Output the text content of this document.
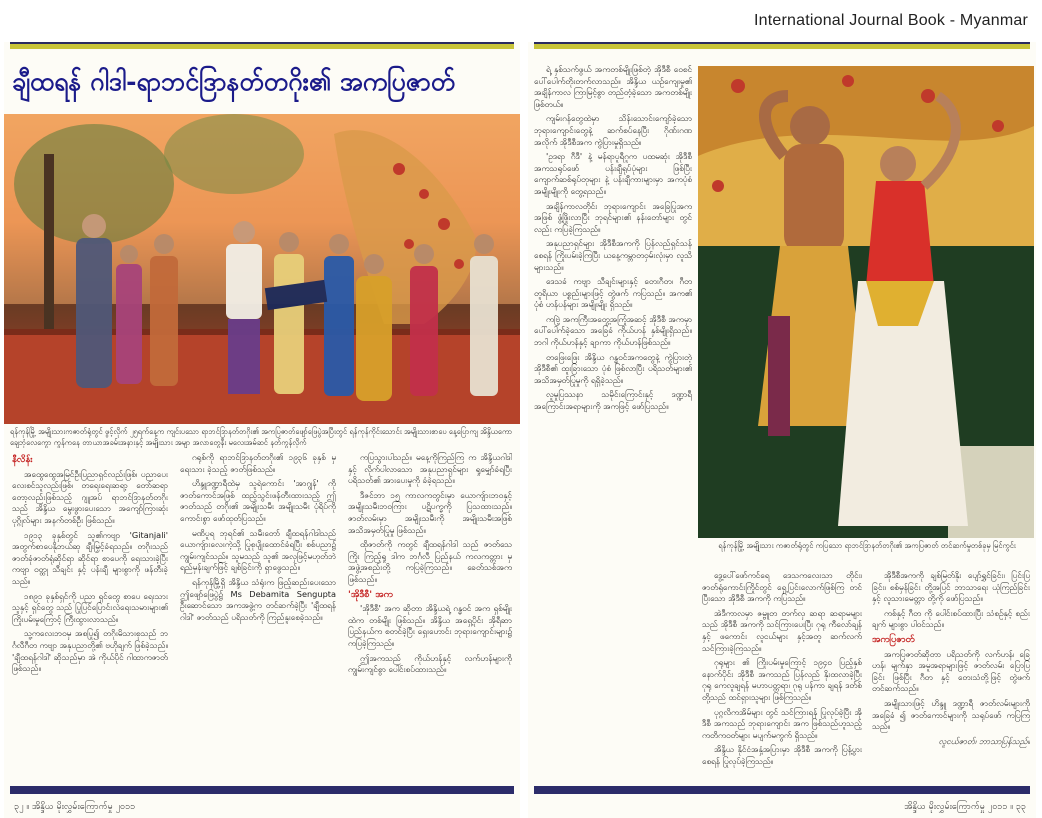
International Journal Book - Myanmar
ချီထရန် ဂါဒါ-ရာဘင်ဒြာနတ်တဂိုး၏ အကပြဇာတ်
ရန်ကုန်မြို့ အမျိုးသားကဇာတ်ရုံတွင် ဖွင့်လိုက် ၂၅ရက်နေ့က ကျင်းပသော ရာဘင်ဒြာနတ်တဂိုး၏ အကပြဇာတ်ဖျော်ဖြေပွဲအပြီးတွင် ရန်ကုန်ကိုင်းသောင်း အမျိုးသားစာပေ နေ့ပြောကျ အိန္ဒိယကောချေဘုံလေကွော ကွန်ကနေ တာယာအခမ်းအနားနှင့် အမျိုးသား အမျာ အလာတွေနီး မလေးအမ်ဆင် နတ်ကွန်လိုက်
နီလိန်း

အထွေထွေအမြင်ဦးပြညာရှင်လည်းဖြစ်၊ ပညာပေးလေးစင်သူလည်းဖြစ်၊ တရေးရေးဆရာ့ တော်ဆရာတော့လည်းဖြစ်သည့် ဂျူအပ် ရာဘင်ဒြာနတ်တဂိုးသည် အိန္ဒိယ မွေးဖွားပေးသော အကျော်ကြားဆုံး ပုဂ္ဂိုလ်များ အနက်တစ်ဦး ဖြစ်သည်။

၁၉၁၃ ခုနှစ်တွင် သူ၏ကဗျာ 'Gitanjali' အတွက်စာပေနိုဘယ်ဆု ချီးမြှင့်ခံရသည်။ တဂိုးသည်ဇာတ်ခုံဇာတ်ရုံဆိုင်ရာ ဆိုင်ရာ စာပေကို ရေးသားခဲ့ပြီး ကဗျာ ဝတ္ထု သီချင်း နှင့် ပန်းချီ များစွာကို ဖန်တီးခဲ့သည်။

၁၈၉၁ ခုနှစ်ရှင်ကို ပညာ ရှင်တွေ စာပေ ရေးသားသူနှင့် ရှင်တွေ သည် ပြုပြင်ပြောင်းလဲရေးသမားများ၏ ကြိုးပမ်းမှုကြောင့် ကြီးထွားလာသည်။

သူ့ကလေးဘဝမှ အစပြု၍ တဂိုးမိသားစုသည် ဘင်္ဂလီဂီတ ကဗျာ အနုပညာတို့၏ ဗဟိုချက် ဖြစ်ခဲ့သည်။ 'ချီထရန်ဂါဒါ' ဆိုသည်မှာ အဲ ကိုယ်ပိုင် ဂါထာကဇာတ် ဖြစ်သည်။

ဂရုစ်ကို ရာဘင်ဒြာနတ်တဂိုး၏ ၁၉၃၆ ခုနှစ် မှ ရေးသား ခဲ့သည့် ဇာတ်ဖြစ်သည်။

ဟိန္ဒူဒဏ္ဍာရီထဲမှ သူရဲကောင်း 'အာဂျွန်' ကို ဇာတ်ကောင်အဖြစ် ထည့်သွင်းဖန်တီးထားသည့် ဤဇာတ်သည် တဂိုး၏ အမျိုးသမီး အမျိုးသမီး ပုံရိပ်ကို ကောင်းစွာ ဖော်ထုတ်ပြသည်။

မဏိပူရ ဘုရင်၏ သမီးတော် ချီထရန်ဂါဒါသည် ယောကျ်ားလေးကဲ့သို့ ပြုစုပျိုးထောင်ခံရပြီး စစ်ပညာ၌ ကျွမ်းကျင်သည်။ သူမသည် သူ၏ အလှဖြင့်မဟုတ်ဘဲ ရည်မှန်းချက်ဖြင့် ချစ်ခြင်းကို ရှာဖွေသည်။

ရန်ကုန်မြို့ရှိ အိန္ဒိယ သံရုံးက ဖြည့်ဆည်းပေးသော ဤဖျော်ဖြေပွဲ၌ Ms Debamita Sengupta ဦးဆောင်သော အကအဖွဲ့က တင်ဆက်ခဲ့ပြီး 'ချီထရန်ဂါဒါ' ဇာတ်သည် ပရိသတ်ကို ကြည်နူးစေခဲ့သည်။

ကပြသွားပါသည်။ မနေ့ကိုကြည်ကြ က အိန္ဒိယဂါဒါ နှင့် လိုက်ပါလာသော အနုပညာရှင်များ ရှုမျှော်ခံရပြီး ပရိသတ်၏ အားပေးမှုကို ခံခဲ့ရသည်။

ဒီဇင်ဘာ ၁၅ ကာလကတွင်းမှာ ယောကျ်ားဘဝနှင့် အမျိုးသမီးဘဝကြား ပဋိပက္ခကို ပြသထားသည်။ ဇာတ်လမ်းမှာ အမျိုးသမီးကို အမျိုးသမီးအဖြစ် အသိအမှတ်ပြုမှု ဖြစ်သည်။

ထိုဇာတ်ကို ကတွင် ချီထရန်ဂါဒါ သည် ဇာတ်သေကြိုး ကြည့်ရှု ဒါက ဘင်္ဂလီ ပြည်နယ် ကလကတ္တား မှ အဖွဲ့အစည်းတို့ ကပြခဲ့ကြသည်။ ခေတ်သစ်အက ဖြစ်သည်။

'အိုဒီစီ' အက

'အိုဒီစီ' အက ဆိုတာ အိန္ဒိယရဲ့ ဂန္ဓဝင် အက ရှစ်မျိုးထဲက တစ်မျိုး ဖြစ်သည်။ အိန္ဒိယ အရှေ့ပိုင်း အိုရီဆာ ပြည်နယ်က စတင်ခဲ့ပြီး ရှေးဟောင်း ဘုရားကျောင်းများ၌ ကပြခဲ့ကြသည်။

ဤအကသည် ကိုယ်ဟန်နှင့် လက်ဟန်များကို ကျွမ်းကျင်စွာ ပေါင်းစပ်ထားသည်။

၃၂ ။ အိန္ဒိယ မိုးလွှမ်းကြောက်မှု ၂၀၁၁

ရဲ့ နှစ်သက်ဖွယ် အကတစ်မျိုးဖြစ်တဲ့ အိုဒီစီ ဝေစင် ပေါ်ပေါက်တိုးတက်လာသည်။ အိန္ဒိယ ယဉ်ကျေးမှု၏ အချိန်ကာလ ကြာမြင့်စွာ တည်တံ့ခဲ့သော အကတစ်မျိုး ဖြစ်တယ်။

ကျမ်းဂန်တွေထဲမှာ သိန်းသောင်းကျော်ခဲ့သော ဘုရားကျောင်းတွေနဲ့ ဆက်စပ်နေပြီး ဂိုဏ်းဂဏ အလိုက် အိုဒီစီအက ကွဲပြားမှုရှိသည်။

'ဥဒရာ ဂီဒီ' နဲ့ မန်ရာပူရီဂူက ပထမဆုံး အိုဒီစီ အကသရုပ်ဖော် ပန်းချီရုပ်ပုံများ ဖြစ်ပြီး ကျောက်ဆစ်ရုပ်တုများ နဲ့ ပန်းချီကားများမှာ အကပုံစံ အမျိုးမျိုးကို တွေ့ရသည်။

အချိန်ကာလတိုင်း ဘုရားကျောင်း အခြေပြုအကအဖြစ် ဖွံ့ဖြိုးလာပြီး ဘုရင်များ၏ နန်းတော်များ တွင်လည်း ကပြခဲ့ကြသည်။

အနုပညာရှင်များ အိုဒီစီအကကို ပြန်လည်ရှင်သန်စေရန် ကြိုးပမ်းခဲ့ကြပြီး ယနေ့ကမ္ဘာတဝှမ်းလုံးမှာ လူသိများသည်။

ဒေသခံ ကဗျာ သီချင်းများနှင့် တေးဂီတ၊ ဂီတ တူရိယာ ပစ္စည်းများဖြင့် တွဲဖက် ကပြသည်။ အက၏ ပုံစံ ဟန်ပန်များ အမျိုးမျိုး ရှိသည်။

ကဗြဲ့ အကကြီးအတွေ့အကြုံအဆင့် အိုဒီစီ အကမှာ ပေါ်ပေါက်ခဲ့သော အခြေခံ ကိုယ်ဟန် နှစ်မျိုးရှိသည်။ ဘဂါ ကိုယ်ဟန်နှင့် ချာကာ ကိုယ်ဟန်ဖြစ်သည်။

တဖြေးဖြေး အိန္ဒိယ ဂန္ဓဝင်အကတွေနဲ့ ကွဲပြားတဲ့ အိုဒီစီ၏ ထူးခြားသော ပုံစံ ဖြစ်လာပြီး ပရိသတ်များ၏ အသိအမှတ်ပြုမှုကို ရရှိခဲ့သည်။

လူမှုပြဿနာ သမိုင်းကြောင်းနှင့် ဒဏ္ဍာရီ အကြောင်းအရာများကို အကဖြင့် ဖော်ပြသည်။

ရန်ကုန်မြို့ အမျိုးသား ကဇာတ်ရုံတွင် ကပြသော ရာဘင်ဒြာနတ်တဂိုး၏ အကပြဇာတ် တင်ဆက်မှုတစ်ခုမှ မြင်ကွင်း

ဒွေ့ပေါ်ဖော်ကင်ရေ ဒေသကလေးသာ တိုင်း၊ ဇာတ်ရုံကောင်းကြိုင်တွင် ရှေ့ပြင်းလောက်ဖြစ်ကြ တင်ပြီးသော အိုဒီစီ အကကို ကပြသည်။

အဲဒီကာလမှာ ဇမ္ဗူတ တက်လှ ဆရာ ဆရာမများ သည် အိုဒီစီ အကကို သင်ကြားပေးပြီး ဂုရု ကီလော်ချန်နှင့် ဖကောင်း လူငယ်များ နှင့်အတူ ဆက်လက် သင်ကြားခဲ့ကြသည်။

ဂုရုများ ၏ ကြိုးပမ်းမှုကြောင့် ၁၉၄၀ ပြည့်နှစ်နောက်ပိုင်း အိုဒီစီ အကသည် ပြန်လည် နိုးထလာခဲ့ပြီး ဂုရု ကေလူချရန် မဟာပတ္တရာ၊ ဂုရု ပန်ကာ ချရန် ဒတ်စ် တို့သည် ထင်ရှားသူများ ဖြစ်ကြသည်။

ပုဂ္ဂလိကအိမ်များ တွင် သင်ကြားရန် ပြုလုပ်ခဲ့ပြီး အိုဒီစီ အကသည် ဘုရားကျောင်း အက ဖြစ်သည်ဟူသည့် ကတိကဝတ်များ မပျက်မကွက် ရှိသည်။

အိန္ဒိယ နိုင်ငံအနှံ့အပြားမှာ အိုဒီစီ အကကို ပြန့်ပွားစေရန် ပြုလုပ်ခဲ့ကြသည်။

အိုဒီစီအကကို ချစ်မြတ်နိုး ပျော်ရွှင်ခြင်း၊ ပြင်းပြခြင်း၊ စစ်မှန်ခြင်း တို့အပြင် ဘာသာရေး ယုံကြည်ခြင်းနှင့် လူသားမေတ္တာ တို့ကို ဖော်ပြသည်။

ကစ်နှင့် ဂီတ ကို ပေါင်းစပ်ထားပြီး သံစဉ်နှင့် စည်းချက် များစွာ ပါဝင်သည်။

အကပြဇာတ်

အကပြဇာတ်ဆိုတာ ပရိသတ်ကို လက်ဟန်၊ ခြေဟန်၊ မျက်နှာ အမူအရာများဖြင့် ဇာတ်လမ်း ပြောပြခြင်း ဖြစ်ပြီး ဂီတ နှင့် တေးသံတို့ဖြင့် တွဲဖက် တင်ဆက်သည်။

အမျိုးသားဖြင့် ဟိန္ဒူ ဒဏ္ဍာရီ ဇာတ်လမ်းများကို အခြေခံ ၍ ဇာတ်ကောင်များကို သရုပ်ဖော် ကပြကြသည်။

လူငယ်ဇာတ်၊ ဘာသာပြန်သည်။

အိန္ဒိယ မိုးလွှမ်းကြောက်မှု ၂၀၁၁ ။ ၃၃
